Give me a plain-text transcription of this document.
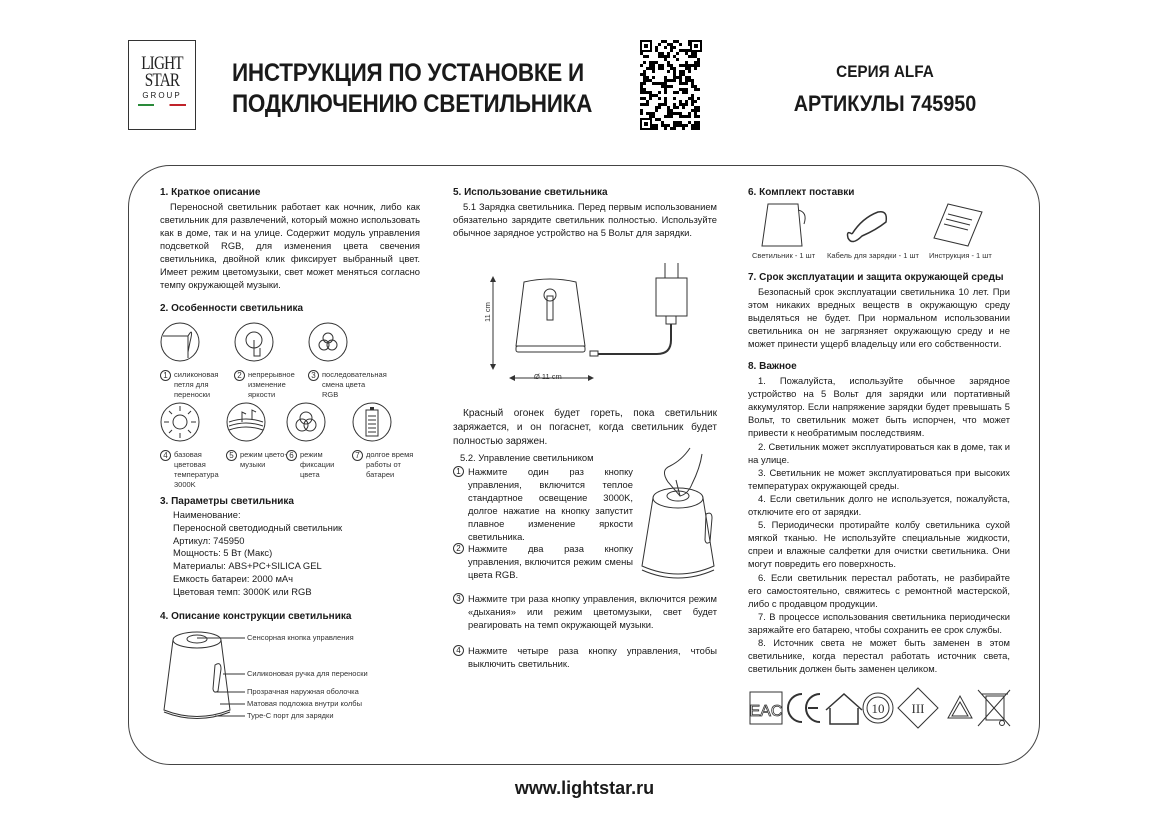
LIGHT
STAR
GROUP
ИНСТРУКЦИЯ ПО УСТАНОВКЕ И
ПОДКЛЮЧЕНИЮ СВЕТИЛЬНИКА
СЕРИЯ ALFA
АРТИКУЛЫ 745950
1. Краткое описание

Переносной светильник работает как ночник, либо как светильник для развлечений, который можно использовать как в доме, так и на улице. Содержит модуль управления подсветкой RGB, для изменения цвета свечения светильника, двойной клик фиксирует выбранный цвет. Имеет режим цветомузыки, свет может меняться согласно темпу окружающей музыки.

2. Особенности светильника
1 силиконовая петля для переноски
2 непрерывное изменение яркости
3 последовательная смена цвета RGB
4 базовая цветовая температура 3000K
5 режим цвето- музыки
6 режим фиксации цвета
7 долгое время работы от батареи
3. Параметры светильника
Наименование:
Переносной светодиодный светильник
Артикул: 745950
Мощность: 5 Вт (Макс)
Материалы: ABS+PC+SILICA GEL
Емкость батареи: 2000 мАч
Цветовая темп: 3000K или RGB
4. Описание конструкции светильника
Сенсорная кнопка управления
Силиконовая ручка для переноски
Прозрачная наружная оболочка
Матовая подложка внутри колбы
Type-C порт для зарядки
5. Использование светильника

5.1 Зарядка светильника. Перед первым использованием обязательно зарядите светильник полностью. Используйте обычное зарядное устройство на 5 Вольт для зарядки.

11 cm
Ø 11 cm

Красный огонек будет гореть, пока светильник заряжается, и он погаснет, когда светильник будет полностью заряжен.

5.2. Управление светильником
1 Нажмите один раз кнопку управления, включится теплое стандартное освещение 3000K, долгое нажатие на кнопку запустит плавное изменение яркости светильника.
2 Нажмите два раза кнопку управления, включится режим смены цвета RGB.
3 Нажмите три раза кнопку управления, включится режим «дыхания» или режим цветомузыки, свет будет реагировать на темп окружающей музыки.
4 Нажмите четыре раза кнопку управления, чтобы выключить светильник.
6. Комплект поставки
Светильник - 1 шт Кабель для зарядки - 1 шт Инструкция - 1 шт
7. Срок эксплуатации и защита окружающей среды

Безопасный срок эксплуатации светильника 10 лет. При этом никаких вредных веществ в окружающую среду выделяться не будет. При нормальном использовании светильника он не загрязняет окружающую среду и не может принести ущерб владельцу или его собственности.

8. Важное

1. Пожалуйста, используйте обычное зарядное устройство на 5 Вольт для зарядки или портативный аккумулятор. Если напряжение зарядки будет превышать 5 Вольт, то светильник может быть испорчен, что может привести к необратимым последствиям.

2. Светильник может эксплуатироваться как в доме, так и на улице.

3. Светильник не может эксплуатироваться при высоких температурах окружающей среды.

4. Если светильник долго не используется, пожалуйста, отключите его от зарядки.

5. Периодически протирайте колбу светильника сухой мягкой тканью. Не используйте специальные жидкости, спреи и влажные салфетки для очистки светильника. Они могут повредить его поверхность.

6. Если светильник перестал работать, не разбирайте его самостоятельно, свяжитесь с ремонтной мастерской, либо с продавцом продукции.

7. В процессе использования светильника периодически заряжайте его батарею, чтобы сохранить ее срок службы.

8. Источник света не может быть заменен в этом светильнике, когда перестал работать источник света, светильник должен быть заменен целиком.

EAC	10 III
www.lightstar.ru
